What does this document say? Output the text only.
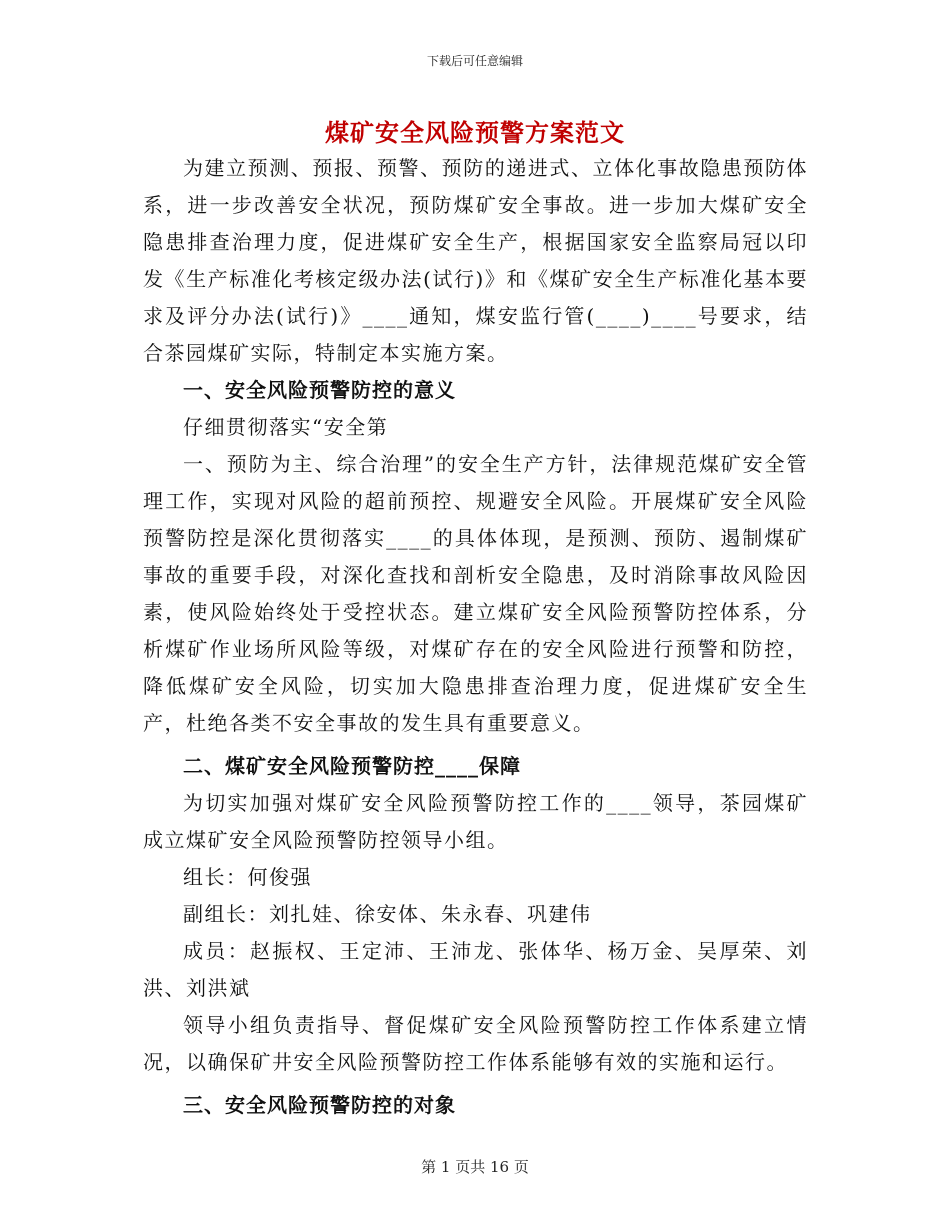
下载后可任意编辑
煤矿安全风险预警方案范文

为建立预测、预报、预警、预防的递进式、立体化事故隐患预防体系，进一步改善安全状况，预防煤矿安全事故。进一步加大煤矿安全隐患排查治理力度，促进煤矿安全生产，根据国家安全监察局冠以印发《生产标准化考核定级办法(试行)》和《煤矿安全生产标准化基本要求及评分办法(试行)》____通知，煤安监行管(____)____号要求，结合茶园煤矿实际，特制定本实施方案。

一、安全风险预警防控的意义

仔细贯彻落实“安全第

一、预防为主、综合治理”的安全生产方针，法律规范煤矿安全管理工作，实现对风险的超前预控、规避安全风险。开展煤矿安全风险预警防控是深化贯彻落实____的具体体现，是预测、预防、遏制煤矿事故的重要手段，对深化查找和剖析安全隐患，及时消除事故风险因素，使风险始终处于受控状态。建立煤矿安全风险预警防控体系，分析煤矿作业场所风险等级，对煤矿存在的安全风险进行预警和防控，降低煤矿安全风险，切实加大隐患排查治理力度，促进煤矿安全生产，杜绝各类不安全事故的发生具有重要意义。

二、煤矿安全风险预警防控____保障

为切实加强对煤矿安全风险预警防控工作的____领导，茶园煤矿成立煤矿安全风险预警防控领导小组。

组长：何俊强

副组长：刘扎娃、徐安体、朱永春、巩建伟

成员：赵振权、王定沛、王沛龙、张体华、杨万金、吴厚荣、刘洪、刘洪斌

领导小组负责指导、督促煤矿安全风险预警防控工作体系建立情况，以确保矿井安全风险预警防控工作体系能够有效的实施和运行。

三、安全风险预警防控的对象

第 1 页共 16 页
